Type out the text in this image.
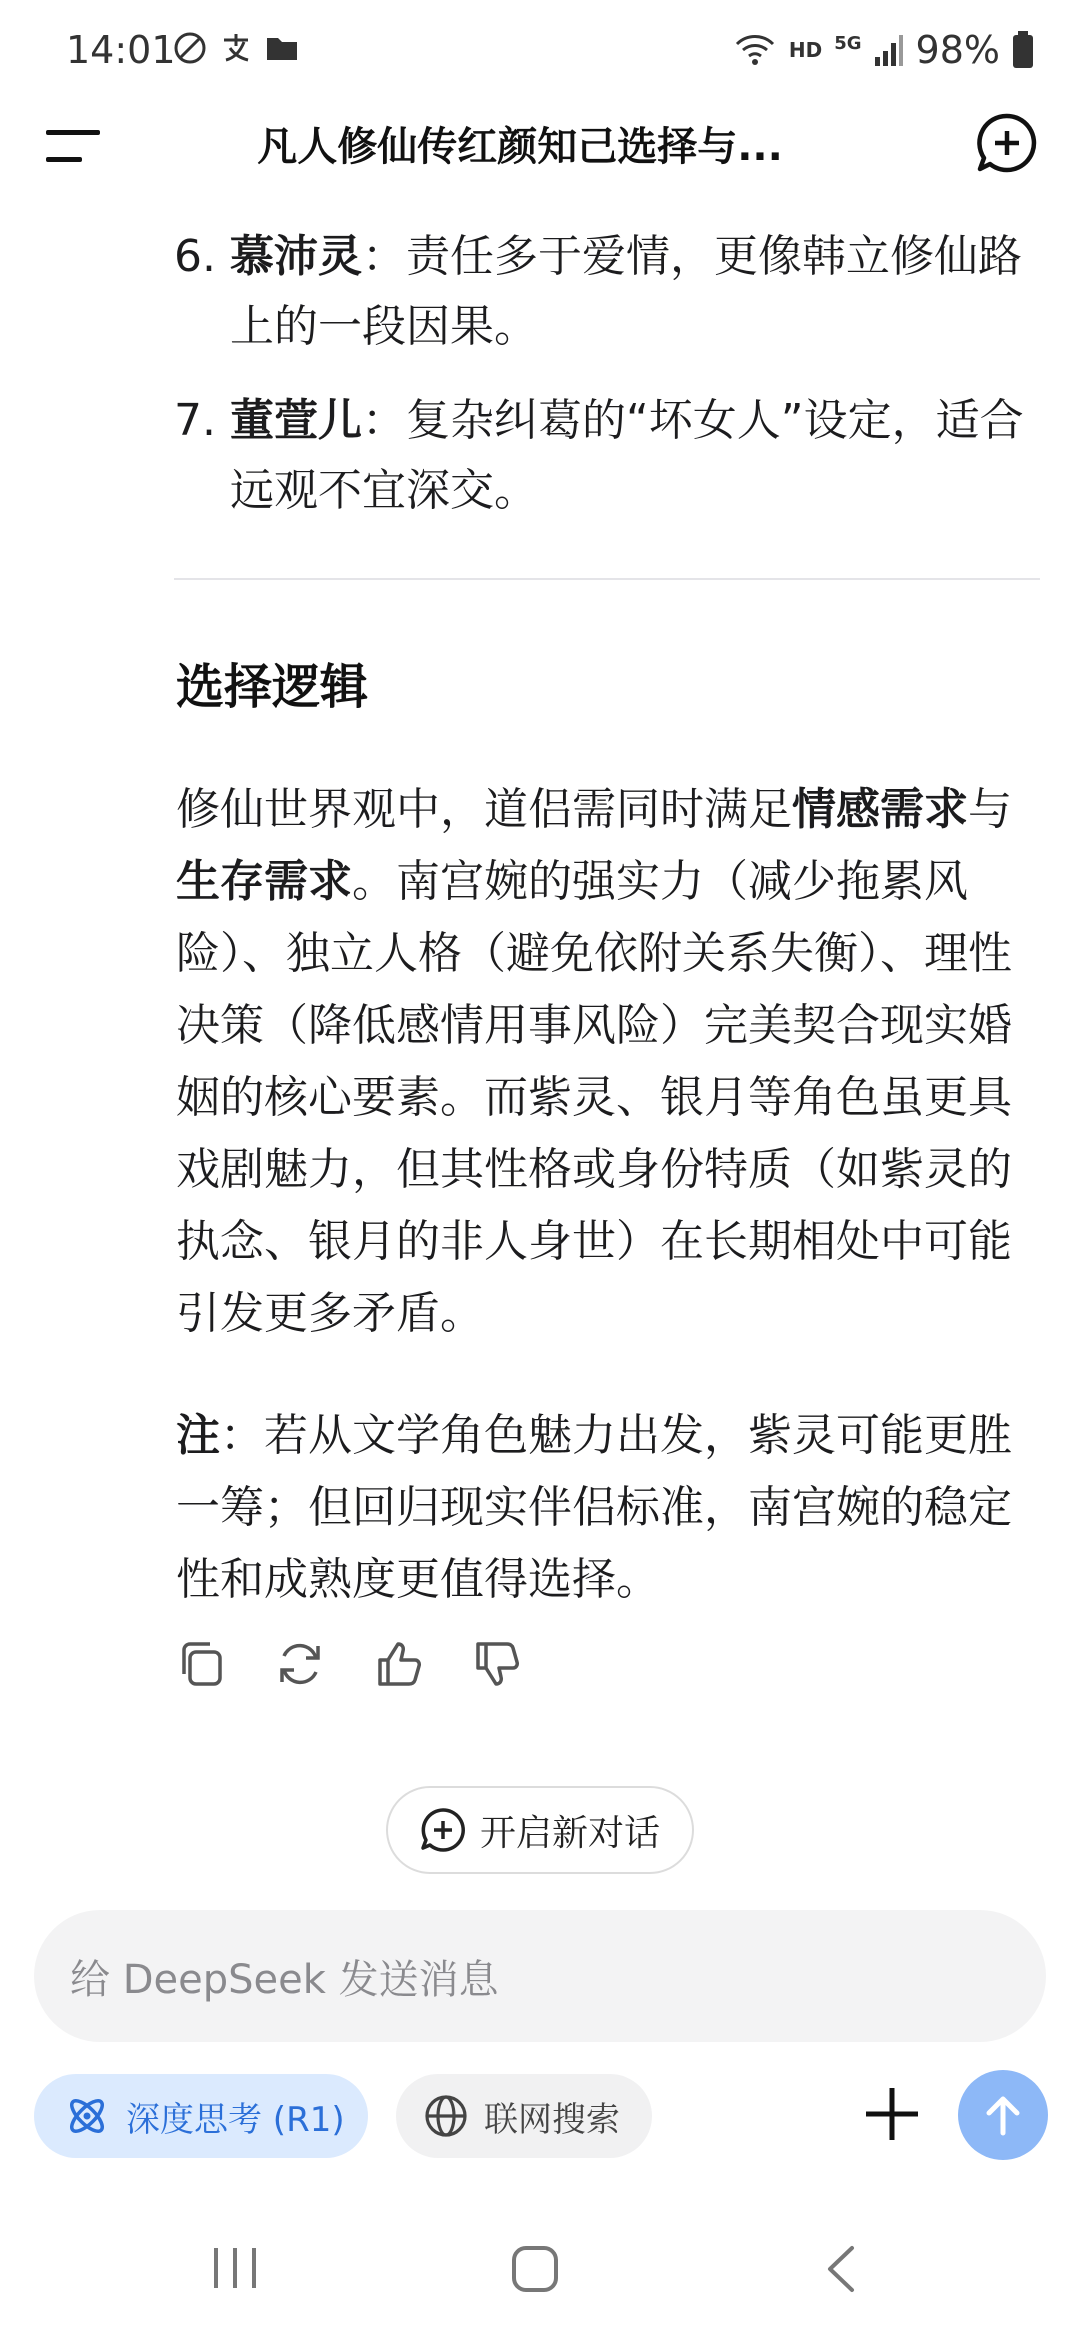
14:01	HD 5G 98%
凡人修仙传红颜知己选择与...
6. 慕沛灵：责任多于爱情，更像韩立修仙路上的一段因果。
7. 董萱儿：复杂纠葛的“坏女人”设定，适合远观不宜深交。
选择逻辑
修仙世界观中，道侣需同时满足情感需求与生存需求。南宫婉的强实力（减少拖累风险）、独立人格（避免依附关系失衡）、理性决策（降低感情用事风险）完美契合现实婚姻的核心要素。而紫灵、银月等角色虽更具戏剧魅力，但其性格或身份特质（如紫灵的执念、银月的非人身世）在长期相处中可能引发更多矛盾。
注：若从文学角色魅力出发，紫灵可能更胜一筹；但回归现实伴侣标准，南宫婉的稳定性和成熟度更值得选择。
开启新对话
给 DeepSeek 发送消息
深度思考 (R1)	联网搜索
